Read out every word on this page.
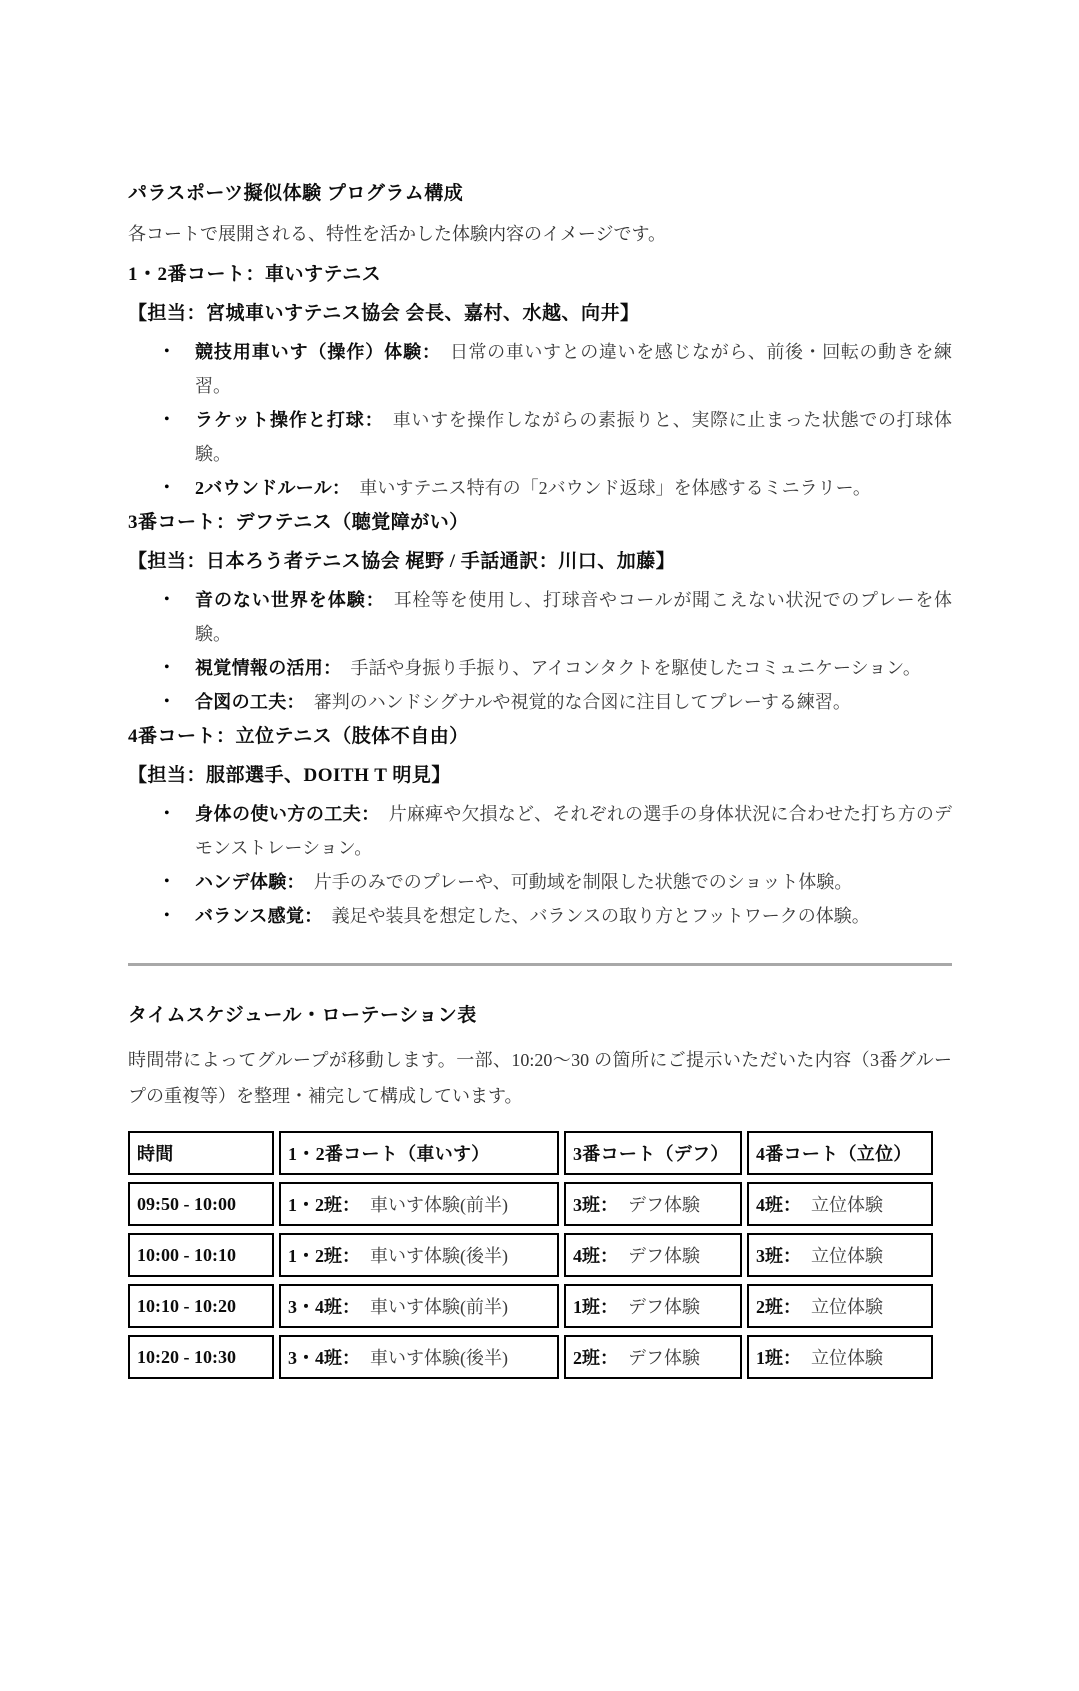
パラスポーツ擬似体験 プログラム構成

各コートで展開される、特性を活かした体験内容のイメージです。

1・2番コート：車いすテニス

【担当：宮城車いすテニス協会 会長、嘉村、水越、向井】

• 競技用車いす（操作）体験： 日常の車いすとの違いを感じながら、前後・回転の動きを練習。
• ラケット操作と打球： 車いすを操作しながらの素振りと、実際に止まった状態での打球体験。
• 2バウンドルール： 車いすテニス特有の「2バウンド返球」を体感するミニラリー。
3番コート：デフテニス（聴覚障がい）

【担当：日本ろう者テニス協会 梶野 / 手話通訳：川口、加藤】

• 音のない世界を体験： 耳栓等を使用し、打球音やコールが聞こえない状況でのプレーを体験。
• 視覚情報の活用： 手話や身振り手振り、アイコンタクトを駆使したコミュニケーション。
• 合図の工夫： 審判のハンドシグナルや視覚的な合図に注目してプレーする練習。
4番コート：立位テニス（肢体不自由）

【担当：服部選手、DOITH T 明見】

• 身体の使い方の工夫： 片麻痺や欠損など、それぞれの選手の身体状況に合わせた打ち方のデモンストレーション。
• ハンデ体験： 片手のみでのプレーや、可動域を制限した状態でのショット体験。
• バランス感覚： 義足や装具を想定した、バランスの取り方とフットワークの体験。
タイムスケジュール・ローテーション表

時間帯によってグループが移動します。一部、10:20～30 の箇所にご提示いただいた内容（3番グループの重複等）を整理・補完して構成しています。

時間	1・2番コート（車いす）	3番コート（デフ）	4番コート（立位）
09:50 - 10:00	1・2班： 車いす体験(前半)	3班： デフ体験	4班： 立位体験
10:00 - 10:10	1・2班： 車いす体験(後半)	4班： デフ体験	3班： 立位体験
10:10 - 10:20	3・4班： 車いす体験(前半)	1班： デフ体験	2班： 立位体験
10:20 - 10:30	3・4班： 車いす体験(後半)	2班： デフ体験	1班： 立位体験
